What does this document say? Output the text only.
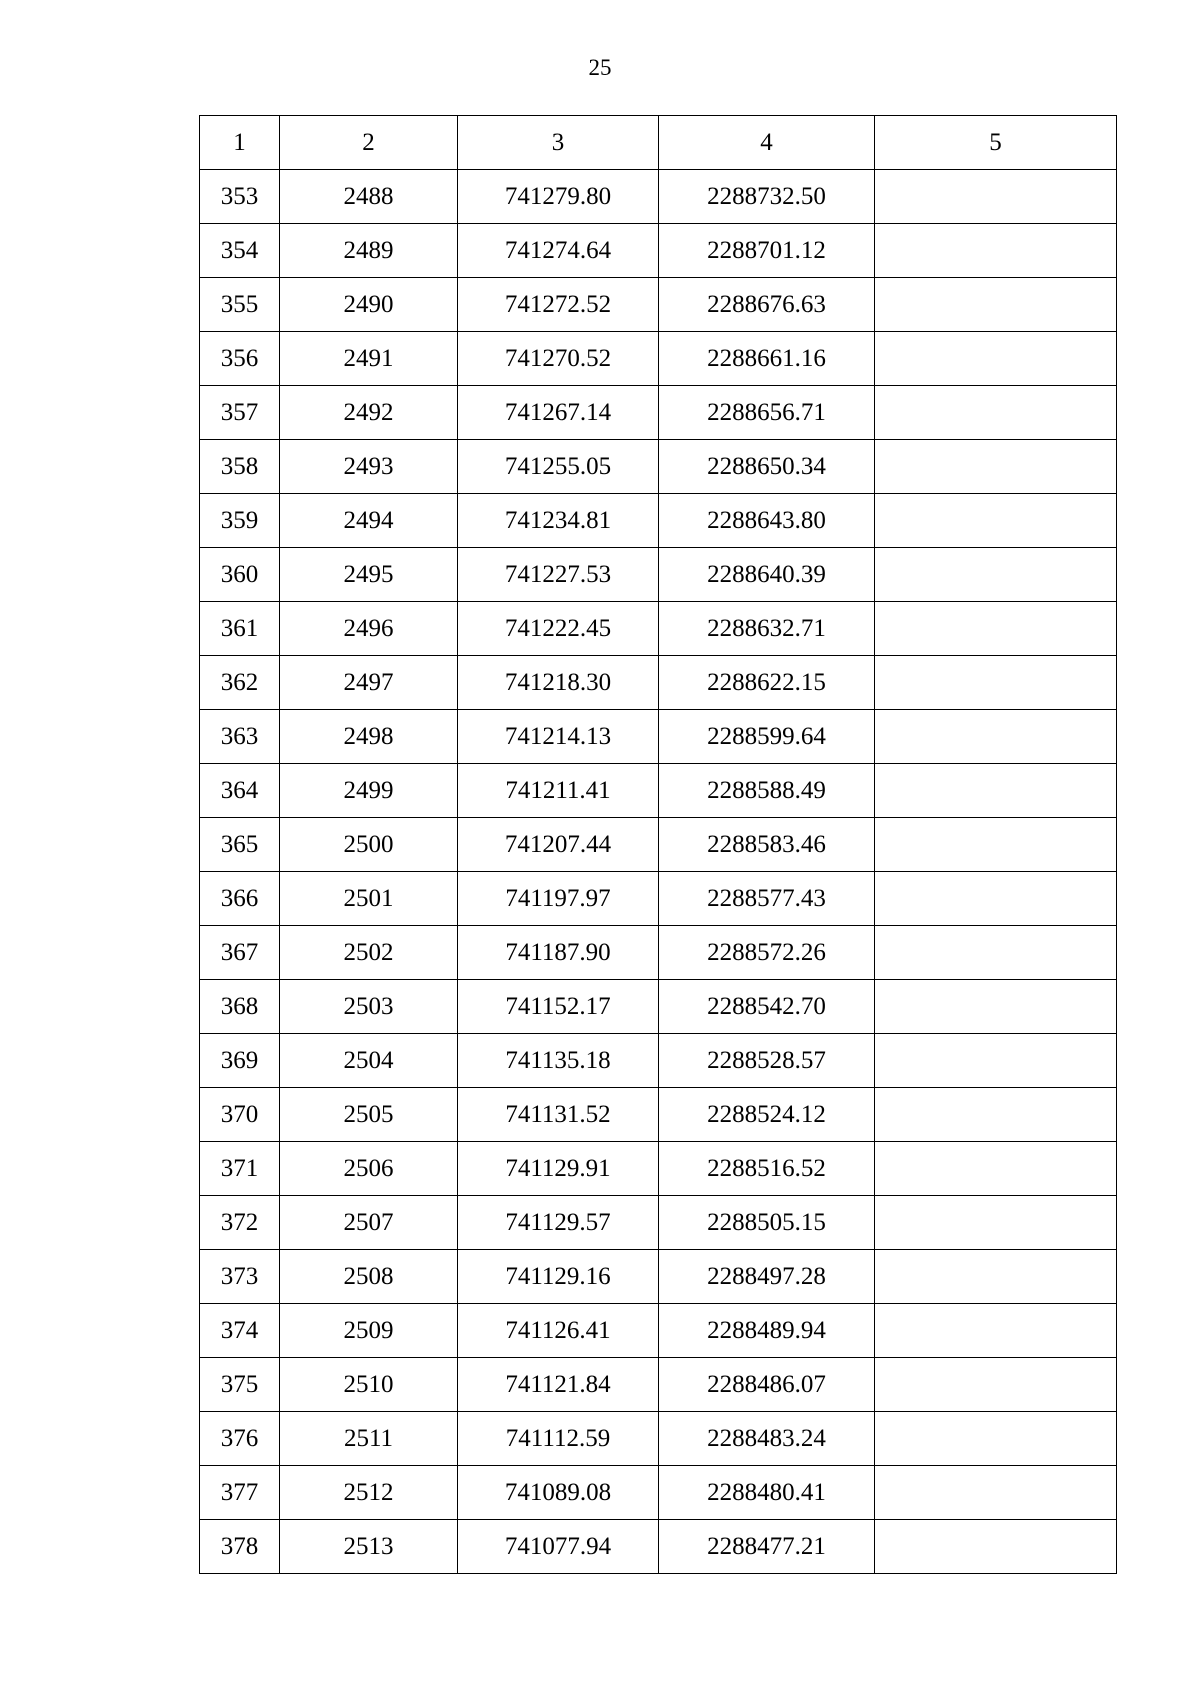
25
1	2	3	4	5
353	2488	741279.80	2288732.50	
354	2489	741274.64	2288701.12	
355	2490	741272.52	2288676.63	
356	2491	741270.52	2288661.16	
357	2492	741267.14	2288656.71	
358	2493	741255.05	2288650.34	
359	2494	741234.81	2288643.80	
360	2495	741227.53	2288640.39	
361	2496	741222.45	2288632.71	
362	2497	741218.30	2288622.15	
363	2498	741214.13	2288599.64	
364	2499	741211.41	2288588.49	
365	2500	741207.44	2288583.46	
366	2501	741197.97	2288577.43	
367	2502	741187.90	2288572.26	
368	2503	741152.17	2288542.70	
369	2504	741135.18	2288528.57	
370	2505	741131.52	2288524.12	
371	2506	741129.91	2288516.52	
372	2507	741129.57	2288505.15	
373	2508	741129.16	2288497.28	
374	2509	741126.41	2288489.94	
375	2510	741121.84	2288486.07	
376	2511	741112.59	2288483.24	
377	2512	741089.08	2288480.41	
378	2513	741077.94	2288477.21	
